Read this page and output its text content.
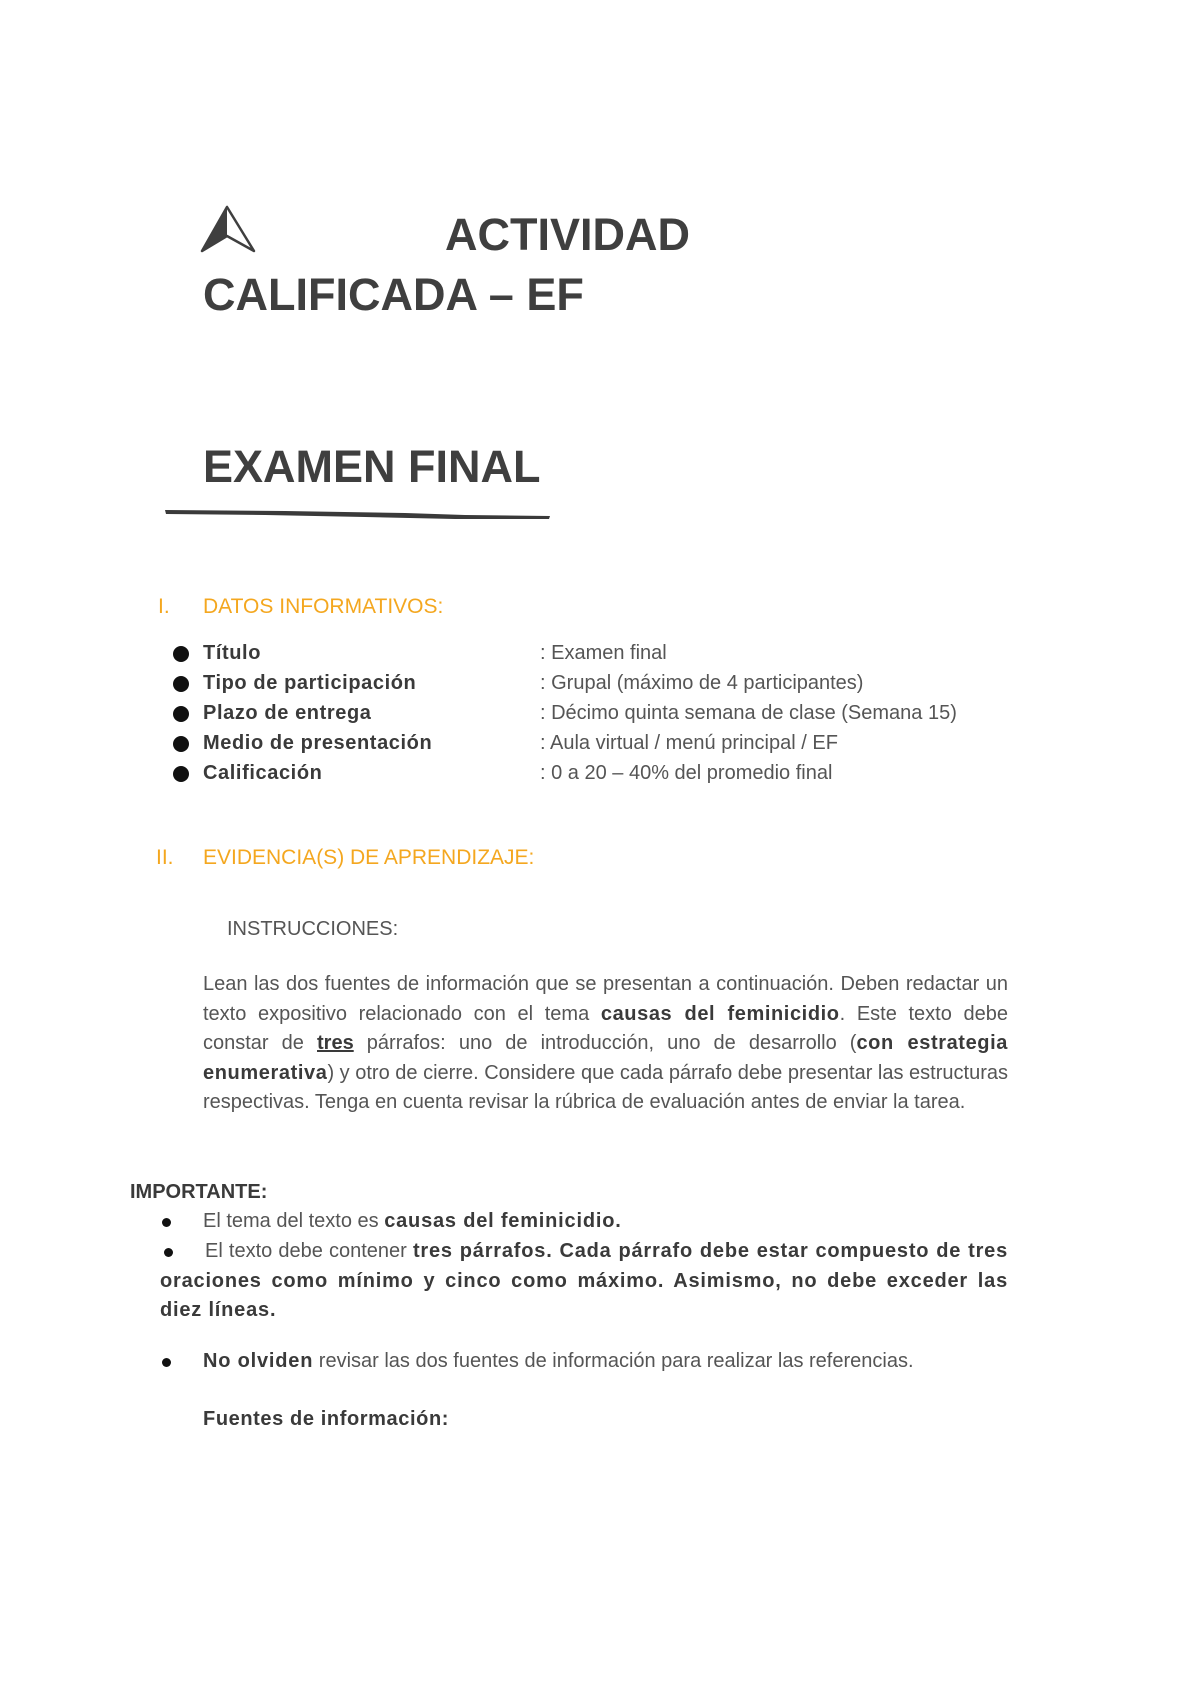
ACTIVIDAD
CALIFICADA – EF
EXAMEN FINAL
I. DATOS INFORMATIVOS:
Título	: Examen final
Tipo de participación	: Grupal (máximo de 4 participantes)
Plazo de entrega	: Décimo quinta semana de clase (Semana 15)
Medio de presentación	: Aula virtual / menú principal / EF
Calificación	: 0 a 20 – 40% del promedio final
II. EVIDENCIA(S) DE APRENDIZAJE:
INSTRUCCIONES:
Lean las dos fuentes de información que se presentan a continuación. Deben redactar un texto expositivo relacionado con el tema causas del feminicidio. Este texto debe constar de tres párrafos: uno de introducción, uno de desarrollo (con estrategia enumerativa) y otro de cierre. Considere que cada párrafo debe presentar las estructuras respectivas. Tenga en cuenta revisar la rúbrica de evaluación antes de enviar la tarea.
IMPORTANTE:
El tema del texto es causas del feminicidio.
El texto debe contener tres párrafos. Cada párrafo debe estar compuesto de tres oraciones como mínimo y cinco como máximo. Asimismo, no debe exceder las diez líneas.
No olviden revisar las dos fuentes de información para realizar las referencias.
Fuentes de información:
